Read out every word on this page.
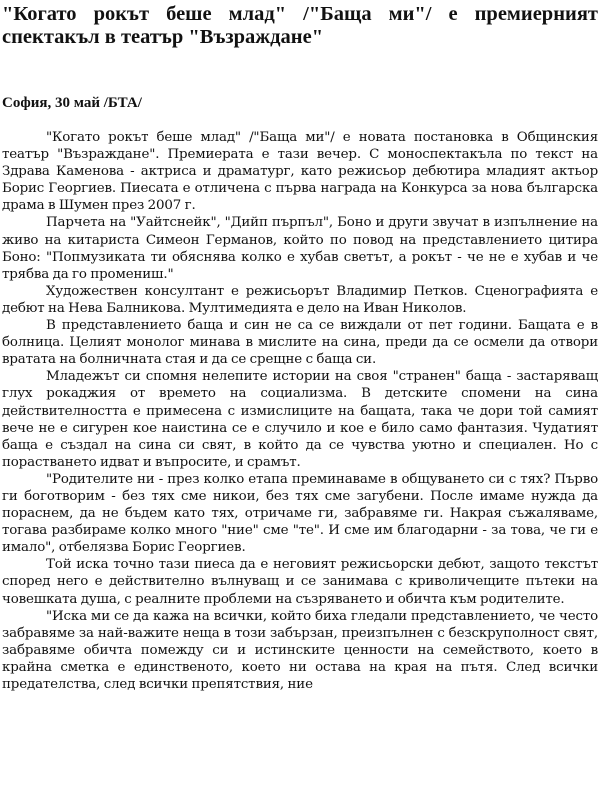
"Когато рокът беше млад" /"Баща ми"/ е премиерният спектакъл в театър "Възраждане"

София, 30 май /БТА/

"Когато рокът беше млад" /"Баща ми"/ е новата постановка в Общинския театър "Възраждане". Премиерата е тази вечер. С моноспектакъла по текст на Здрава Каменова - актриса и драматург, като режисьор дебютира младият актьор Борис Георгиев. Пиесата е отличена с първа награда на Конкурса за нова българска драма в Шумен през 2007 г.

Парчета на "Уайтснейк", "Дийп пърпъл", Боно и други звучат в изпълнение на живо на китариста Симеон Германов, който по повод на представлението цитира Боно: "Попмузиката ти обяснява колко е хубав светът, а рокът - че не е хубав и че трябва да го промениш."

Художествен консултант е режисьорът Владимир Петков. Сценографията е дебют на Нева Балникова. Мултимедията е дело на Иван Николов.

В представлението баща и син не са се виждали от пет години. Бащата е в болница. Целият монолог минава в мислите на сина, преди да се осмели да отвори вратата на болничната стая и да се срещне с баща си.

Младежът си спомня нелепите истории на своя "странен" баща - застаряващ глух рокаджия от времето на социализма. В детските спомени на сина действителността е примесена с измислиците на бащата, така че дори той самият вече не е сигурен кое наистина се е случило и кое е било само фантазия. Чудатият баща е създал на сина си свят, в който да се чувства уютно и специален. Но с порастването идват и въпросите, и срамът.

"Родителите ни - през колко етапа преминаваме в общуването си с тях? Първо ги боготворим - без тях сме никои, без тях сме загубени. После имаме нужда да пораснем, да не бъдем като тях, отричаме ги, забравяме ги. Накрая съжаляваме, тогава разбираме колко много "ние" сме "те". И сме им благодарни - за това, че ги е имало", отбелязва Борис Георгиев.

Той иска точно тази пиеса да е неговият режисьорски дебют, защото текстът според него е действително вълнуващ и се занимава с криволичещите пътеки на човешката душа, с реалните проблеми на съзряването и обичта към родителите.

"Иска ми се да кажа на всички, който биха гледали представлението, че често забравяме за най-важите неща в този забързан, преизпълнен с безскруполност свят, забравяме обичта помежду си и истинските ценности на семейството, което в крайна сметка е единственото, което ни остава на края на пътя. След всички предателства, след всички препятствия, ние
